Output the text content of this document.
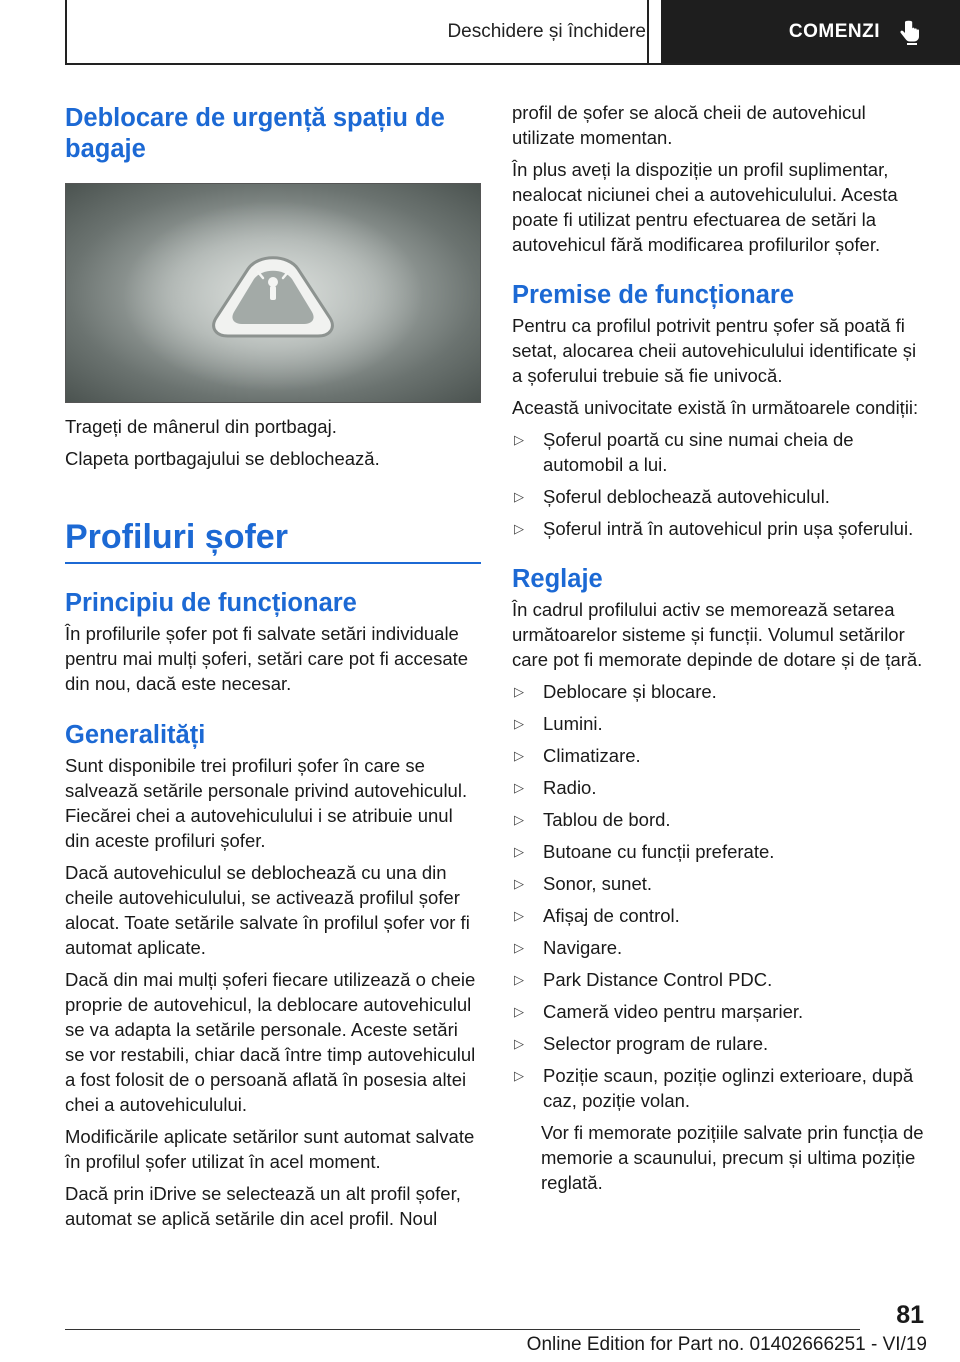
Deschidere și închidere	COMENZI
Deblocare de urgență spațiu de bagaje

Trageți de mânerul din portbagaj.

Clapeta portbagajului se deblochează.

Profiluri șofer
Principiu de funcționare

În profilurile șofer pot fi salvate setări individuale pentru mai mulți șoferi, setări care pot fi accesate din nou, dacă este necesar.

Generalități

Sunt disponibile trei profiluri șofer în care se salvează setările personale privind autovehiculul. Fiecărei chei a autovehiculului i se atribuie unul din aceste profiluri șofer.

Dacă autovehiculul se deblochează cu una din cheile autovehiculului, se activează profilul șofer alocat. Toate setările salvate în profilul șofer vor fi automat aplicate.

Dacă din mai mulți șoferi fiecare utilizează o cheie proprie de autovehicul, la deblocare autovehiculul se va adapta la setările personale. Aceste setări se vor restabili, chiar dacă între timp autovehiculul a fost folosit de o persoană aflată în posesia altei chei a autovehiculului.

Modificările aplicate setărilor sunt automat salvate în profilul șofer utilizat în acel moment.

Dacă prin iDrive se selectează un alt profil șofer, automat se aplică setările din acel profil. Noul

profil de șofer se alocă cheii de autovehicul utilizate momentan.

În plus aveți la dispoziție un profil suplimentar, nealocat niciunei chei a autovehiculului. Acesta poate fi utilizat pentru efectuarea de setări la autovehicul fără modificarea profilurilor șofer.

Premise de funcționare

Pentru ca profilul potrivit pentru șofer să poată fi setat, alocarea cheii autovehiculului identificate și a șoferului trebuie să fie univocă.

Această univocitate există în următoarele condiții:

▷	Șoferul poartă cu sine numai cheia de automobil a lui.
▷	Șoferul deblochează autovehiculul.
▷	Șoferul intră în autovehicul prin ușa șoferului.
Reglaje

În cadrul profilului activ se memorează setarea următoarelor sisteme și funcții. Volumul setărilor care pot fi memorate depinde de dotare și de țară.

▷	Deblocare și blocare.
▷	Lumini.
▷	Climatizare.
▷	Radio.
▷	Tablou de bord.
▷	Butoane cu funcții preferate.
▷	Sonor, sunet.
▷	Afișaj de control.
▷	Navigare.
▷	Park Distance Control PDC.
▷	Cameră video pentru marșarier.
▷	Selector program de rulare.
▷	Poziție scaun, poziție oglinzi exterioare, după caz, poziție volan.

Vor fi memorate pozițiile salvate prin funcția de memorie a scaunului, precum și ultima poziție reglată.

81
Online Edition for Part no. 01402666251 - VI/19
